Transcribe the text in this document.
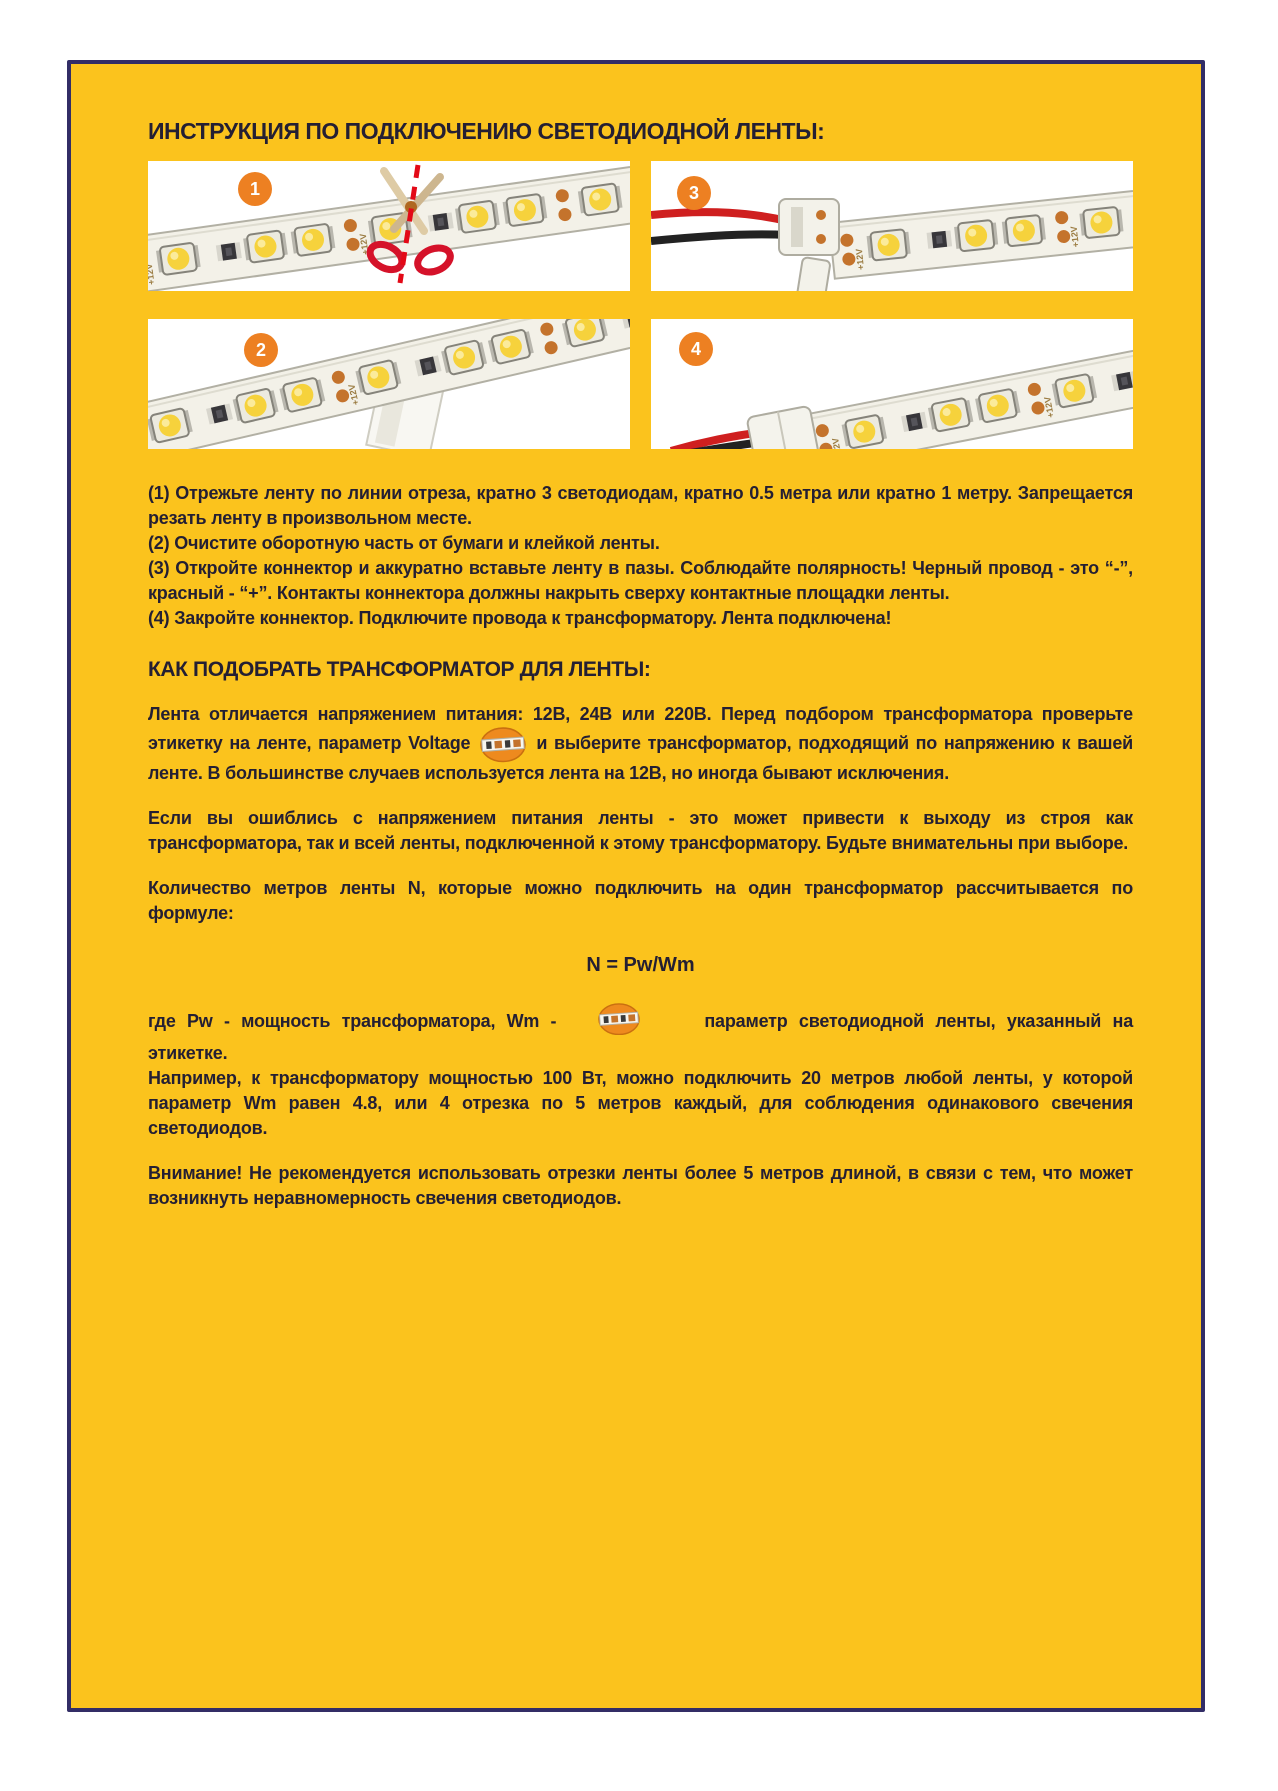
ИНСТРУКЦИЯ ПО ПОДКЛЮЧЕНИЮ СВЕТОДИОДНОЙ ЛЕНТЫ:
1	3
2	4

(1) Отрежьте ленту по линии отреза, кратно 3 светодиодам, кратно 0.5 метра или кратно 1 метру. Запрещается резать ленту в произвольном месте.

(2) Очистите оборотную часть от бумаги и клейкой ленты.

(3) Откройте коннектор и аккуратно вставьте ленту в пазы. Соблюдайте полярность! Черный провод - это “-”, красный - “+”. Контакты коннектора должны накрыть сверху контактные площадки ленты.

(4) Закройте коннектор. Подключите провода к трансформатору. Лента подключена!

КАК ПОДОБРАТЬ ТРАНСФОРМАТОР ДЛЯ ЛЕНТЫ:

Лента отличается напряжением питания: 12В, 24В или 220В. Перед подбором трансформатора проверьте этикетку на ленте, параметр Voltage	и выберите трансформатор, подходящий по напряжению к вашей ленте. В большинстве случаев используется лента на 12В, но иногда бывают исключения.

Если вы ошиблись с напряжением питания ленты - это может привести к выходу из строя как трансформатора, так и всей ленты, подключенной к этому трансформатору. Будьте внимательны при выборе.

Количество метров ленты N, которые можно подключить на один трансформатор рассчитывается по формуле:

N = Pw/Wm

где Pw - мощность трансформатора, Wm -	параметр светодиодной ленты, указанный на этикетке.

Например, к трансформатору мощностью 100 Вт, можно подключить 20 метров любой ленты, у которой параметр Wm равен 4.8, или 4 отрезка по 5 метров каждый, для соблюдения одинакового свечения светодиодов.

Внимание! Не рекомендуется использовать отрезки ленты более 5 метров длиной, в связи с тем, что может возникнуть неравномерность свечения светодиодов.
